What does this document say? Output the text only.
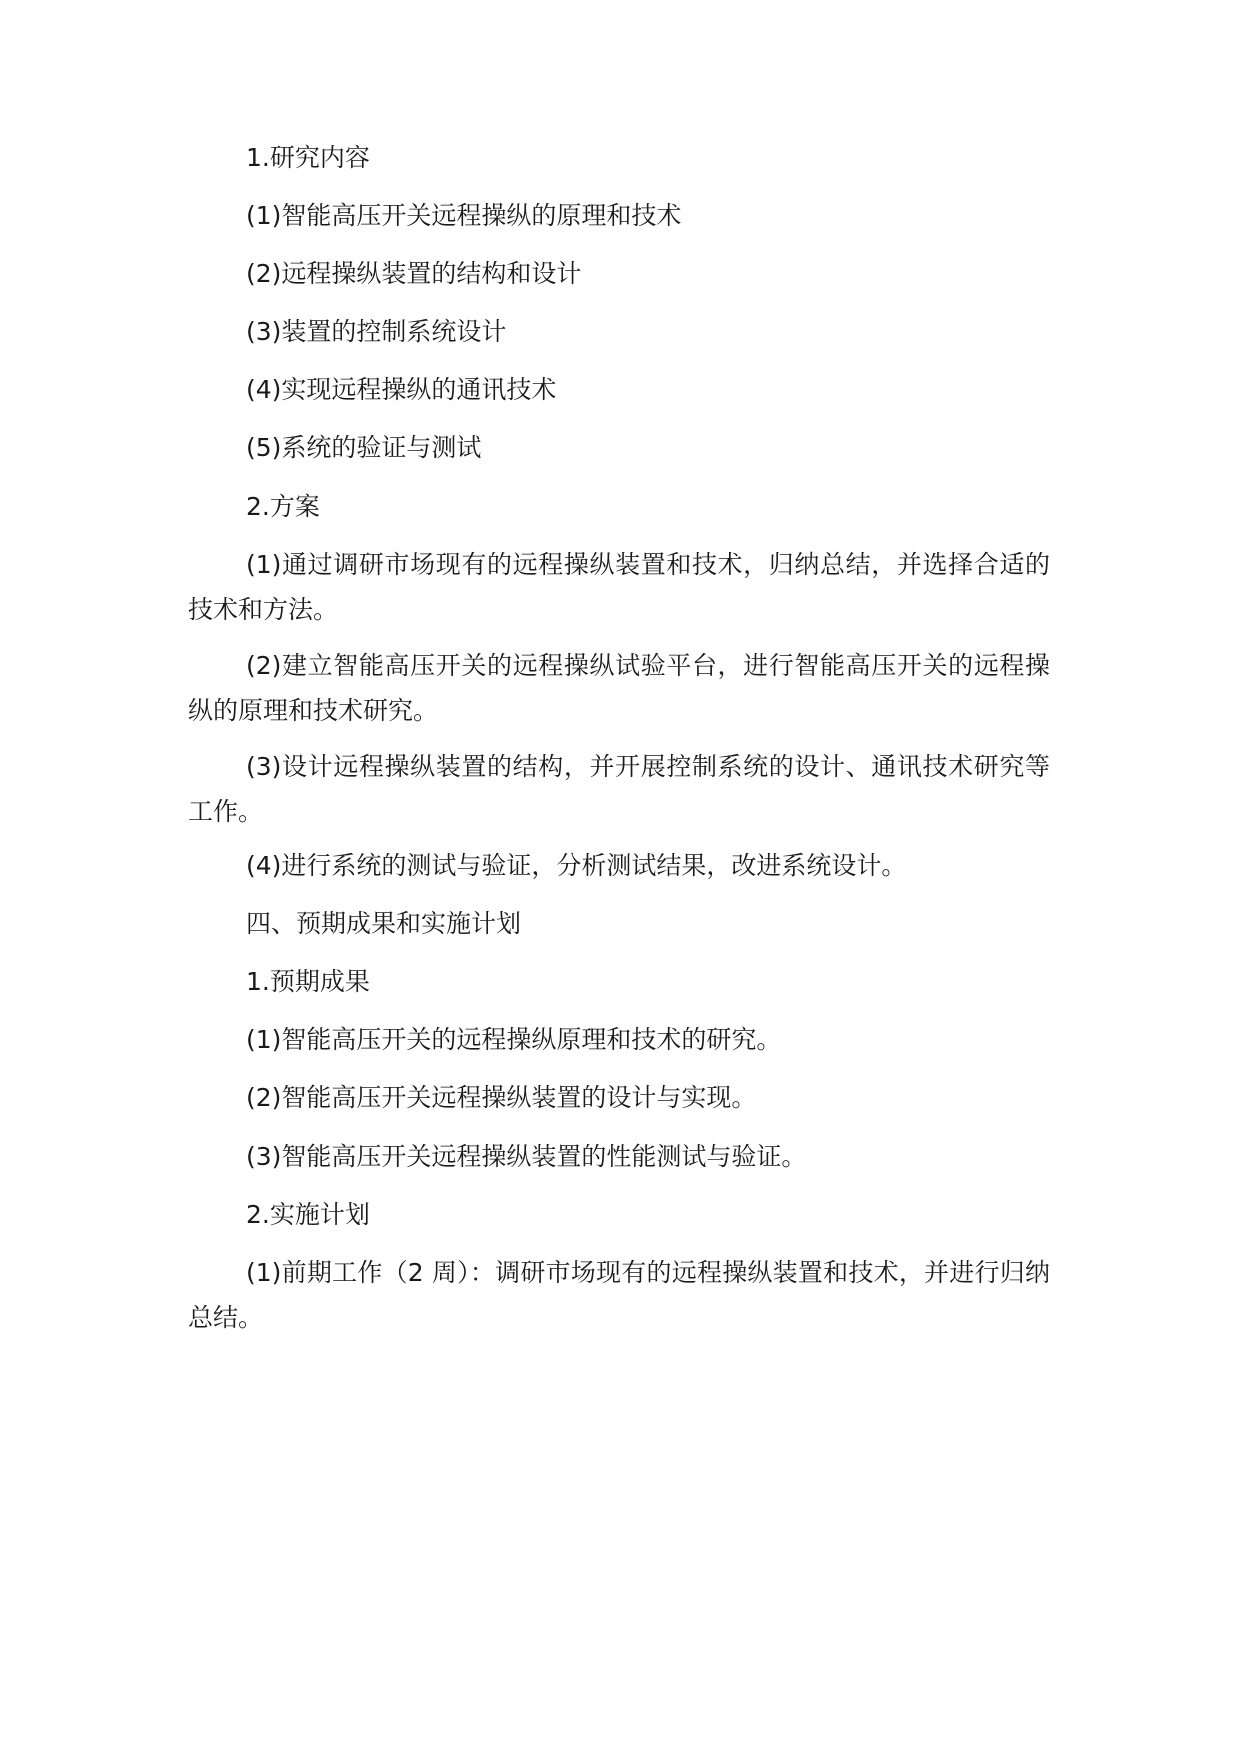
1.研究内容

(1)智能高压开关远程操纵的原理和技术

(2)远程操纵装置的结构和设计

(3)装置的控制系统设计

(4)实现远程操纵的通讯技术

(5)系统的验证与测试

2.方案

(1)通过调研市场现有的远程操纵装置和技术，归纳总结，并选择合适的技术和方法。

(2)建立智能高压开关的远程操纵试验平台，进行智能高压开关的远程操纵的原理和技术研究。

(3)设计远程操纵装置的结构，并开展控制系统的设计、通讯技术研究等工作。

(4)进行系统的测试与验证，分析测试结果，改进系统设计。

四、预期成果和实施计划

1.预期成果

(1)智能高压开关的远程操纵原理和技术的研究。

(2)智能高压开关远程操纵装置的设计与实现。

(3)智能高压开关远程操纵装置的性能测试与验证。

2.实施计划

(1)前期工作（2 周）：调研市场现有的远程操纵装置和技术，并进行归纳总结。
